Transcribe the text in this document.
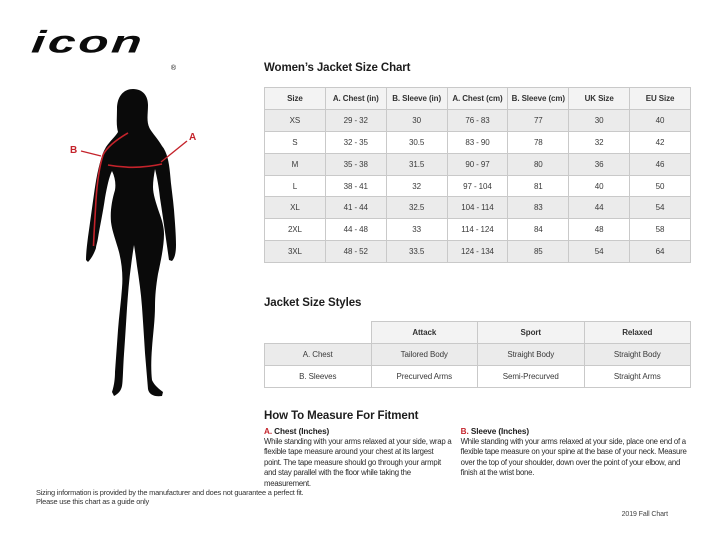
icon
®
B
A
Women’s Jacket Size Chart
Size	A. Chest (in)	B. Sleeve (in)	A. Chest (cm)	B. Sleeve (cm)	UK Size	EU Size
XS	29 - 32	30	76 - 83	77	30	40
S	32 - 35	30.5	83 - 90	78	32	42
M	35 - 38	31.5	90 - 97	80	36	46
L	38 - 41	32	97 - 104	81	40	50
XL	41 - 44	32.5	104 - 114	83	44	54
2XL	44 - 48	33	114 - 124	84	48	58
3XL	48 - 52	33.5	124 - 134	85	54	64
Jacket Size Styles
	Attack	Sport	Relaxed
A. Chest	Tailored Body	Straight Body	Straight Body
B. Sleeves	Precurved Arms	Semi-Precurved	Straight Arms
How To Measure For Fitment
A. Chest (Inches)
While standing with your arms relaxed at your side, wrap a flexible tape measure around your chest at its largest point. The tape measure should go through your armpit and stay parallel with the floor while taking the measurement.
B. Sleeve (Inches)
While standing with your arms relaxed at your side, place one end of a flexible tape measure on your spine at the base of your neck. Measure over the top of your shoulder, down over the point of your elbow, and finish at the wrist bone.
Sizing information is provided by the manufacturer and does not guarantee a perfect fit.
Please use this chart as a guide only
2019 Fall Chart
